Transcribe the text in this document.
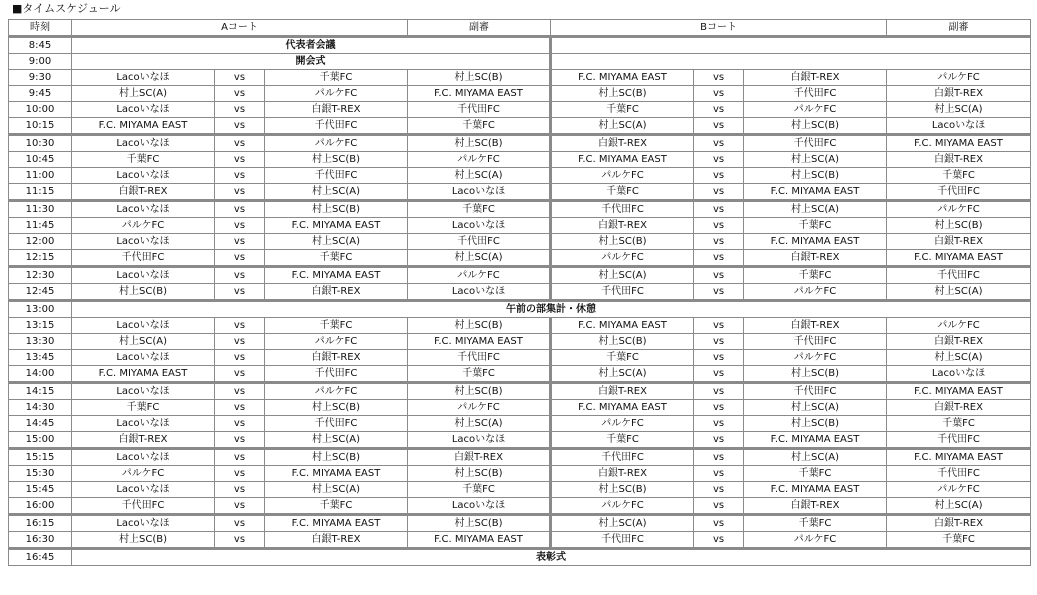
■タイムスケジュール
時刻	Aコート			副審	Bコート			副審
8:45	代表者会議							
9:00	開会式							
9:30	Lacoいなほ	vs	千葉FC	村上SC(B)	F.C. MIYAMA EAST	vs	白銀T-REX	パルケFC
9:45	村上SC(A)	vs	パルケFC	F.C. MIYAMA EAST	村上SC(B)	vs	千代田FC	白銀T-REX
10:00	Lacoいなほ	vs	白銀T-REX	千代田FC	千葉FC	vs	パルケFC	村上SC(A)
10:15	F.C. MIYAMA EAST	vs	千代田FC	千葉FC	村上SC(A)	vs	村上SC(B)	Lacoいなほ
10:30	Lacoいなほ	vs	パルケFC	村上SC(B)	白銀T-REX	vs	千代田FC	F.C. MIYAMA EAST
10:45	千葉FC	vs	村上SC(B)	パルケFC	F.C. MIYAMA EAST	vs	村上SC(A)	白銀T-REX
11:00	Lacoいなほ	vs	千代田FC	村上SC(A)	パルケFC	vs	村上SC(B)	千葉FC
11:15	白銀T-REX	vs	村上SC(A)	Lacoいなほ	千葉FC	vs	F.C. MIYAMA EAST	千代田FC
11:30	Lacoいなほ	vs	村上SC(B)	千葉FC	千代田FC	vs	村上SC(A)	パルケFC
11:45	パルケFC	vs	F.C. MIYAMA EAST	Lacoいなほ	白銀T-REX	vs	千葉FC	村上SC(B)
12:00	Lacoいなほ	vs	村上SC(A)	千代田FC	村上SC(B)	vs	F.C. MIYAMA EAST	白銀T-REX
12:15	千代田FC	vs	千葉FC	村上SC(A)	パルケFC	vs	白銀T-REX	F.C. MIYAMA EAST
12:30	Lacoいなほ	vs	F.C. MIYAMA EAST	パルケFC	村上SC(A)	vs	千葉FC	千代田FC
12:45	村上SC(B)	vs	白銀T-REX	Lacoいなほ	千代田FC	vs	パルケFC	村上SC(A)
13:00	午前の部集計・休憩							
13:15	Lacoいなほ	vs	千葉FC	村上SC(B)	F.C. MIYAMA EAST	vs	白銀T-REX	パルケFC
13:30	村上SC(A)	vs	パルケFC	F.C. MIYAMA EAST	村上SC(B)	vs	千代田FC	白銀T-REX
13:45	Lacoいなほ	vs	白銀T-REX	千代田FC	千葉FC	vs	パルケFC	村上SC(A)
14:00	F.C. MIYAMA EAST	vs	千代田FC	千葉FC	村上SC(A)	vs	村上SC(B)	Lacoいなほ
14:15	Lacoいなほ	vs	パルケFC	村上SC(B)	白銀T-REX	vs	千代田FC	F.C. MIYAMA EAST
14:30	千葉FC	vs	村上SC(B)	パルケFC	F.C. MIYAMA EAST	vs	村上SC(A)	白銀T-REX
14:45	Lacoいなほ	vs	千代田FC	村上SC(A)	パルケFC	vs	村上SC(B)	千葉FC
15:00	白銀T-REX	vs	村上SC(A)	Lacoいなほ	千葉FC	vs	F.C. MIYAMA EAST	千代田FC
15:15	Lacoいなほ	vs	村上SC(B)	白銀T-REX	千代田FC	vs	村上SC(A)	F.C. MIYAMA EAST
15:30	パルケFC	vs	F.C. MIYAMA EAST	村上SC(B)	白銀T-REX	vs	千葉FC	千代田FC
15:45	Lacoいなほ	vs	村上SC(A)	千葉FC	村上SC(B)	vs	F.C. MIYAMA EAST	パルケFC
16:00	千代田FC	vs	千葉FC	Lacoいなほ	パルケFC	vs	白銀T-REX	村上SC(A)
16:15	Lacoいなほ	vs	F.C. MIYAMA EAST	村上SC(B)	村上SC(A)	vs	千葉FC	白銀T-REX
16:30	村上SC(B)	vs	白銀T-REX	F.C. MIYAMA EAST	千代田FC	vs	パルケFC	千葉FC
16:45	表彰式							
